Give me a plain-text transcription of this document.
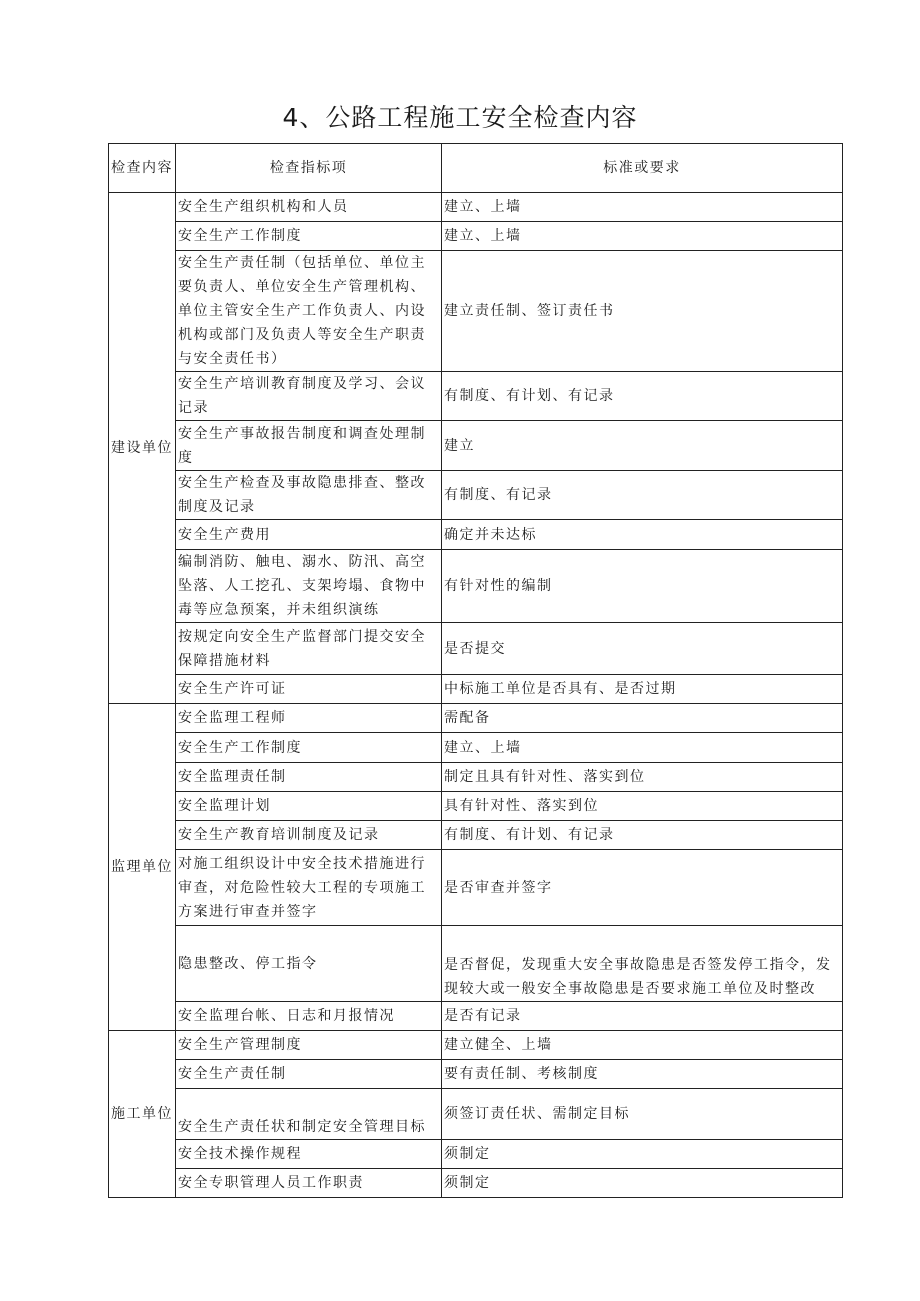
4、公路工程施工安全检查内容
检查内容	检查指标项	标准或要求
建设单位	安全生产组织机构和人员	建立、上墙
	安全生产工作制度	建立、上墙
	安全生产责任制（包括单位、单位主要负责人、单位安全生产管理机构、单位主管安全生产工作负责人、内设机构或部门及负责人等安全生产职责与安全责任书）	建立责任制、签订责任书
	安全生产培训教育制度及学习、会议记录	有制度、有计划、有记录
	安全生产事故报告制度和调查处理制度	建立
	安全生产检查及事故隐患排查、整改制度及记录	有制度、有记录
	安全生产费用	确定并未达标
	编制消防、触电、溺水、防汛、高空坠落、人工挖孔、支架垮塌、食物中毒等应急预案，并未组织演练	有针对性的编制
	按规定向安全生产监督部门提交安全保障措施材料	是否提交
	安全生产许可证	中标施工单位是否具有、是否过期
监理单位	安全监理工程师	需配备
	安全生产工作制度	建立、上墙
	安全监理责任制	制定且具有针对性、落实到位
	安全监理计划	具有针对性、落实到位
	安全生产教育培训制度及记录	有制度、有计划、有记录
	对施工组织设计中安全技术措施进行审查，对危险性较大工程的专项施工方案进行审查并签字	是否审查并签字
	隐患整改、停工指令	是否督促，发现重大安全事故隐患是否签发停工指令，发现较大或一般安全事故隐患是否要求施工单位及时整改
	安全监理台帐、日志和月报情况	是否有记录
施工单位	安全生产管理制度	建立健全、上墙
	安全生产责任制	要有责任制、考核制度
	安全生产责任状和制定安全管理目标	须签订责任状、需制定目标
	安全技术操作规程	须制定
	安全专职管理人员工作职责	须制定
